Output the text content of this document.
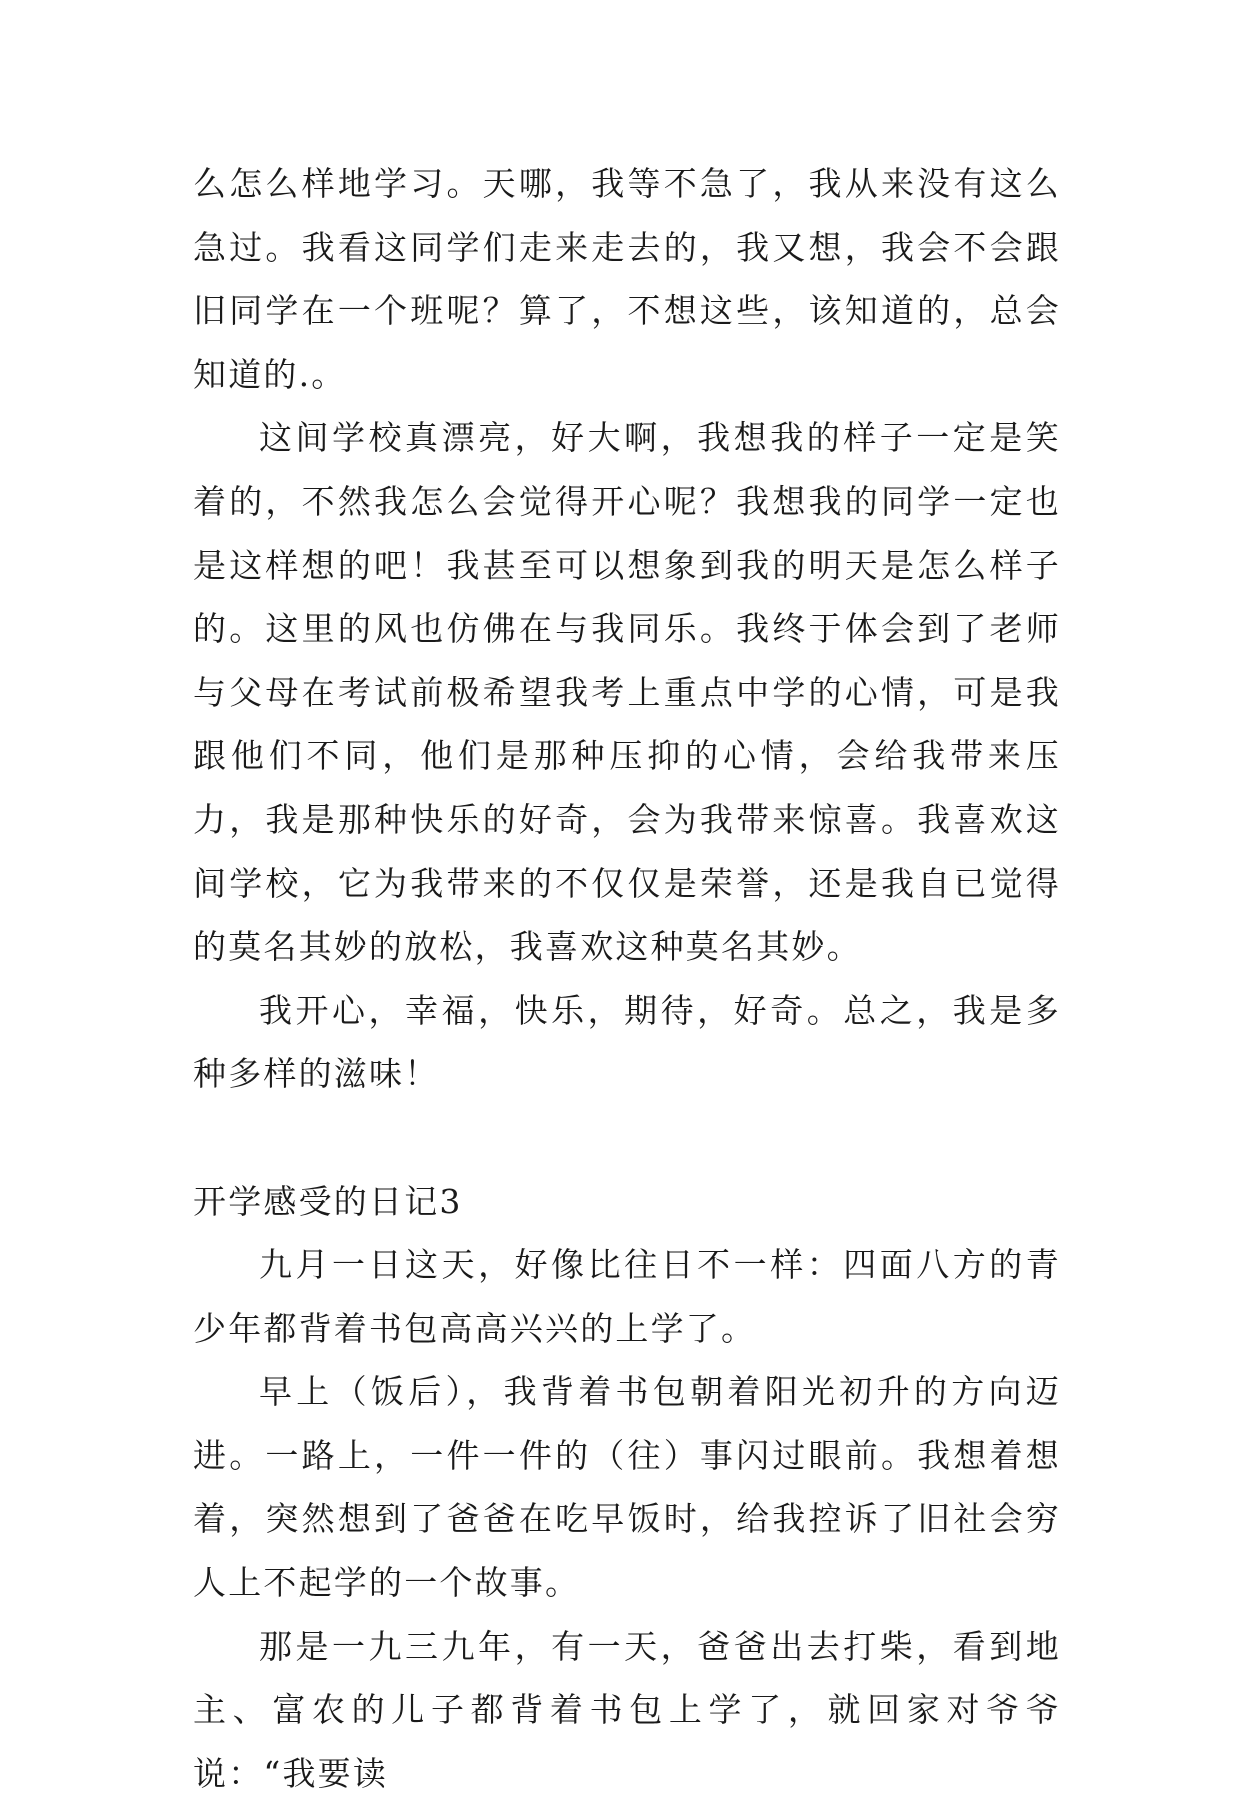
么怎么样地学习。天哪，我等不急了，我从来没有这么急过。我看这同学们走来走去的，我又想，我会不会跟旧同学在一个班呢？算了，不想这些，该知道的，总会知道的.。

这间学校真漂亮，好大啊，我想我的样子一定是笑着的，不然我怎么会觉得开心呢？我想我的同学一定也是这样想的吧！我甚至可以想象到我的明天是怎么样子的。这里的风也仿佛在与我同乐。我终于体会到了老师与父母在考试前极希望我考上重点中学的心情，可是我跟他们不同，他们是那种压抑的心情，会给我带来压力，我是那种快乐的好奇，会为我带来惊喜。我喜欢这间学校，它为我带来的不仅仅是荣誉，还是我自已觉得的莫名其妙的放松，我喜欢这种莫名其妙。

我开心，幸福，快乐，期待，好奇。总之，我是多种多样的滋味！

开学感受的日记3

九月一日这天，好像比往日不一样：四面八方的青少年都背着书包高高兴兴的上学了。

早上（饭后），我背着书包朝着阳光初升的方向迈进。一路上，一件一件的（往）事闪过眼前。我想着想着，突然想到了爸爸在吃早饭时，给我控诉了旧社会穷人上不起学的一个故事。

那是一九三九年，有一天，爸爸出去打柴，看到地主、富农的儿子都背着书包上学了，就回家对爷爷说：“我要读
